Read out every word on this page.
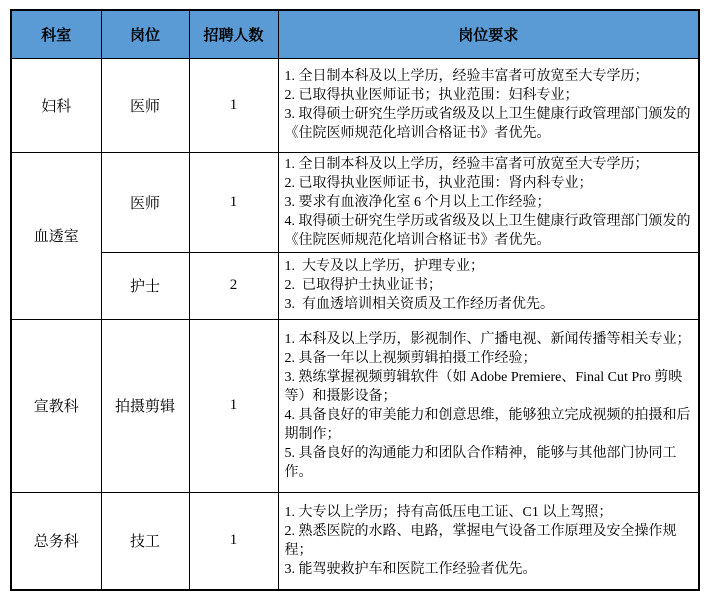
科室	岗位	招聘人数	岗位要求
妇科	医师	1	1. 全日制本科及以上学历，经验丰富者可放宽至大专学历；
2. 已取得执业医师证书；执业范围：妇科专业；
3. 取得硕士研究生学历或省级及以上卫生健康行政管理部门颁发的《住院医师规范化培训合格证书》者优先。

血透室	医师	1	1. 全日制本科及以上学历，经验丰富者可放宽至大专学历；
2. 已取得执业医师证书，执业范围：肾内科专业；
3. 要求有血液净化室 6 个月以上工作经验；
4. 取得硕士研究生学历或省级及以上卫生健康行政管理部门颁发的《住院医师规范化培训合格证书》者优先。

	护士	2	1.  大专及以上学历，护理专业；
2.  已取得护士执业证书；
3.  有血透培训相关资质及工作经历者优先。

宣教科	拍摄剪辑	1	1. 本科及以上学历，影视制作、广播电视、新闻传播等相关专业；
2. 具备一年以上视频剪辑拍摄工作经验；
3. 熟练掌握视频剪辑软件（如 Adobe Premiere、Final Cut Pro 剪映等）和摄影设备；
4. 具备良好的审美能力和创意思维，能够独立完成视频的拍摄和后期制作；
5. 具备良好的沟通能力和团队合作精神，能够与其他部门协同工作。

总务科	技工	1	1. 大专以上学历；持有高低压电工证、C1 以上驾照；
2. 熟悉医院的水路、电路，掌握电气设备工作原理及安全操作规程；
3. 能驾驶救护车和医院工作经验者优先。
